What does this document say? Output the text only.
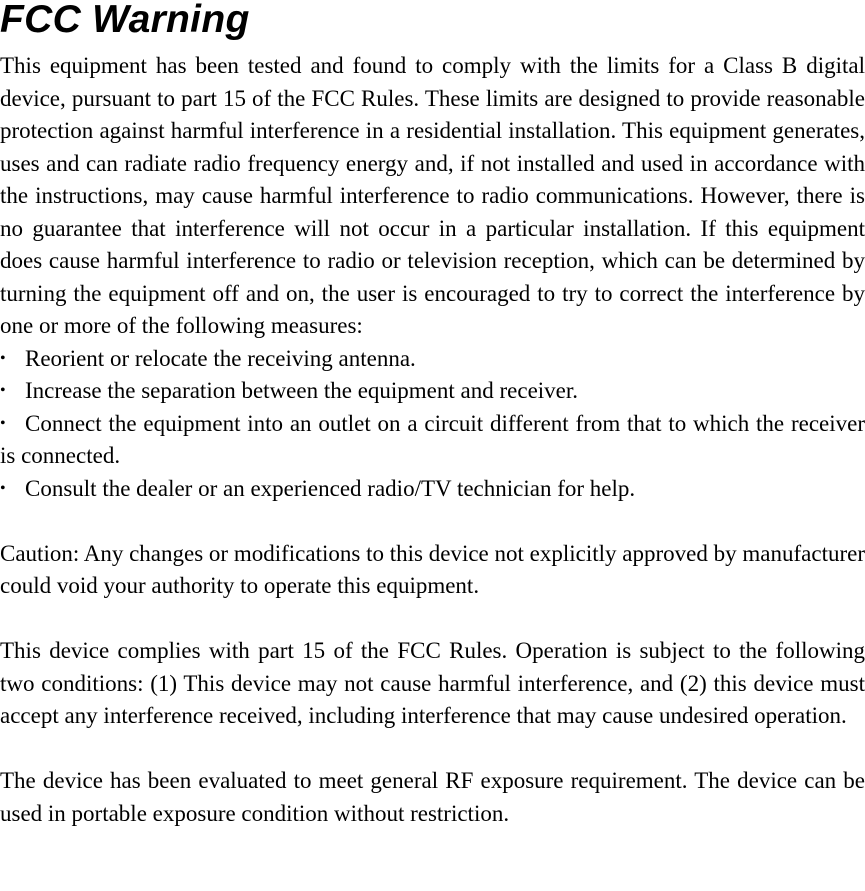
FCC Warning

This equipment has been tested and found to comply with the limits for a Class B digital device, pursuant to part 15 of the FCC Rules. These limits are designed to provide reasonable protection against harmful interference in a residential installation. This equipment generates, uses and can radiate radio frequency energy and, if not installed and used in accordance with the instructions, may cause harmful interference to radio communications. However, there is no guarantee that interference will not occur in a particular installation. If this equipment does cause harmful interference to radio or television reception, which can be determined by turning the equipment off and on, the user is encouraged to try to correct the interference by one or more of the following measures:

• Reorient or relocate the receiving antenna.

• Increase the separation between the equipment and receiver.

• Connect the equipment into an outlet on a circuit different from that to which the receiver is connected.

• Consult the dealer or an experienced radio/TV technician for help.

Caution: Any changes or modifications to this device not explicitly approved by manufacturer could void your authority to operate this equipment.

This device complies with part 15 of the FCC Rules. Operation is subject to the following two conditions: (1) This device may not cause harmful interference, and (2) this device must accept any interference received, including interference that may cause undesired operation.

The device has been evaluated to meet general RF exposure requirement. The device can be used in portable exposure condition without restriction.
